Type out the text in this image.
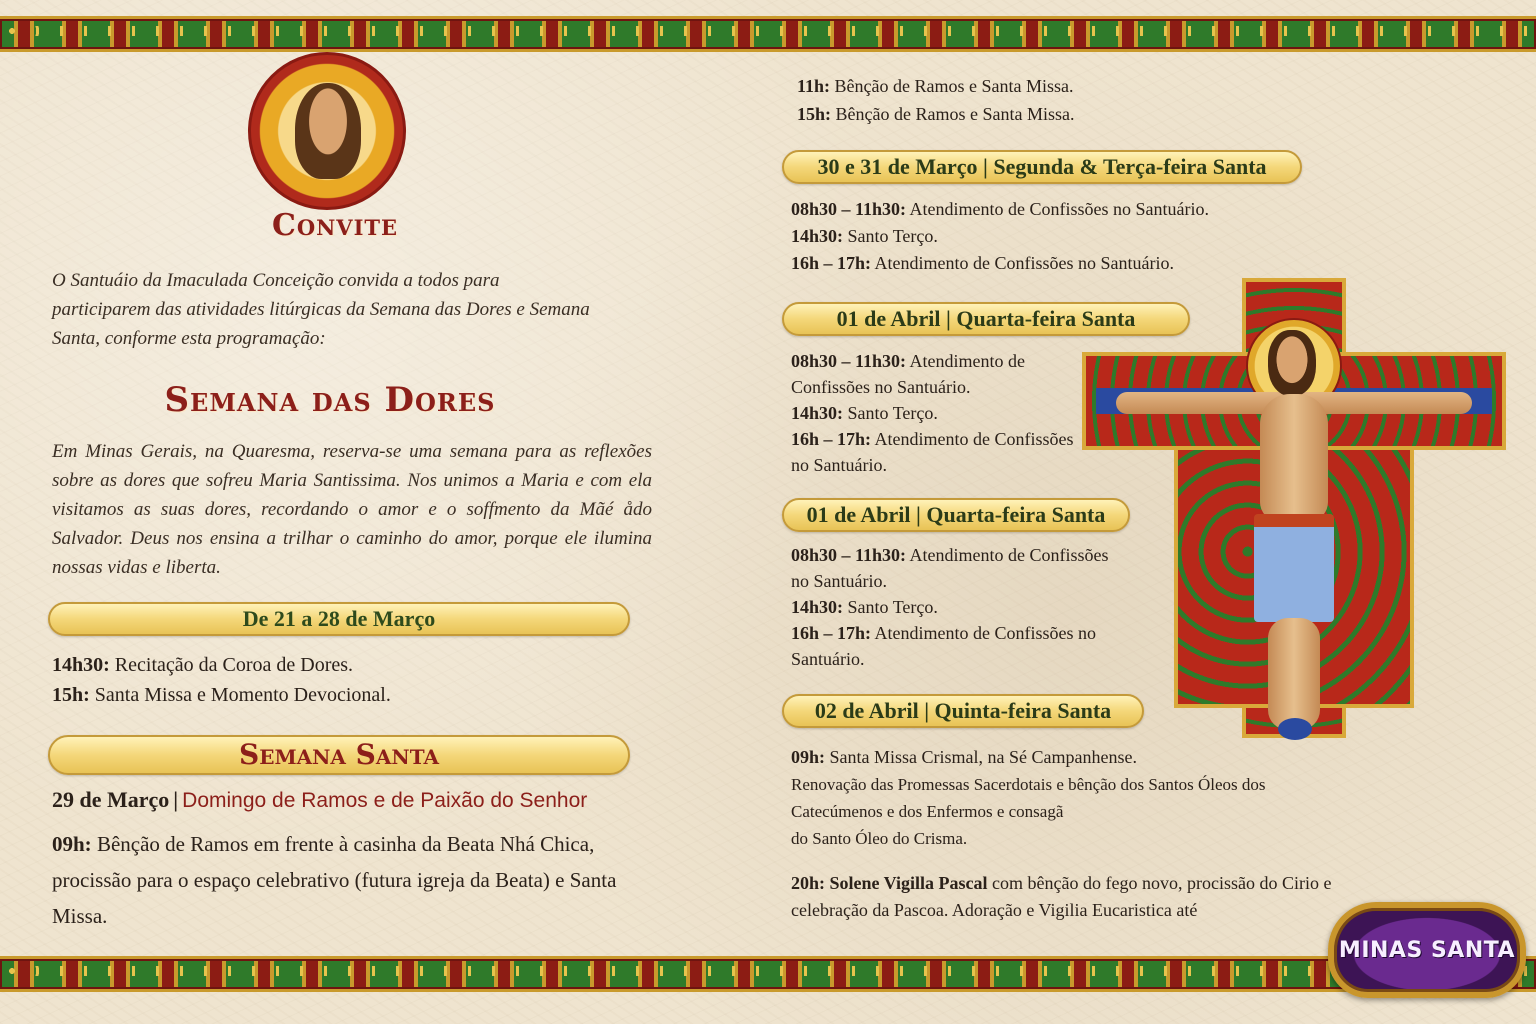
Convite
O Santuáio da Imaculada Conceição convida a todos para participarem das atividades litúrgicas da Semana das Dores e Semana Santa, conforme esta programação:
Semana das Dores
Em Minas Gerais, na Quaresma, reserva-se uma semana para as reflexões sobre as dores que sofreu Maria Santissima. Nos unimos a Maria e com ela visitamos as suas dores, recordando o amor e o soffmento da Mãé ådo Salvador. Deus nos ensina a trilhar o caminho do amor, porque ele ilumina nossas vidas e liberta.
De 21 a 28 de Março
14h30: Recitação da Coroa de Dores.
15h: Santa Missa e Momento Devocional.
Semana Santa
29 de Março | Domingo de Ramos e de Paixão do Senhor
09h: Bênção de Ramos em frente à casinha da Beata Nhá Chica, procissão para o espaço celebrativo (futura igreja da Beata) e Santa Missa.
11h: Bênção de Ramos e Santa Missa.
15h: Bênção de Ramos e Santa Missa.
30 e 31 de Março | Segunda & Terça-feira Santa
08h30 – 11h30: Atendimento de Confissões no Santuário.
14h30: Santo Terço.
16h – 17h: Atendimento de Confissões no Santuário.
01 de Abril | Quarta-feira Santa
08h30 – 11h30: Atendimento de Confissões no Santuário.
14h30: Santo Terço.
16h – 17h: Atendimento de Confissões no Santuário.
01 de Abril | Quarta-feira Santa
08h30 – 11h30: Atendimento de Confissões no Santuário.
14h30: Santo Terço.
16h – 17h: Atendimento de Confissões no Santuário.
02 de Abril | Quinta-feira Santa
09h: Santa Missa Crismal, na Sé Campanhense.
Renovação das Promessas Sacerdotais e bênção dos Santos Óleos dos Catecúmenos e dos Enfermos e consagã
do Santo Óleo do Crisma.
20h: Solene Vigilla Pascal com bênção do fego novo, procissão do Cirio e celebração da Pascoa. Adoração e Vigilia Eucaristica até
MINAS SANTA
